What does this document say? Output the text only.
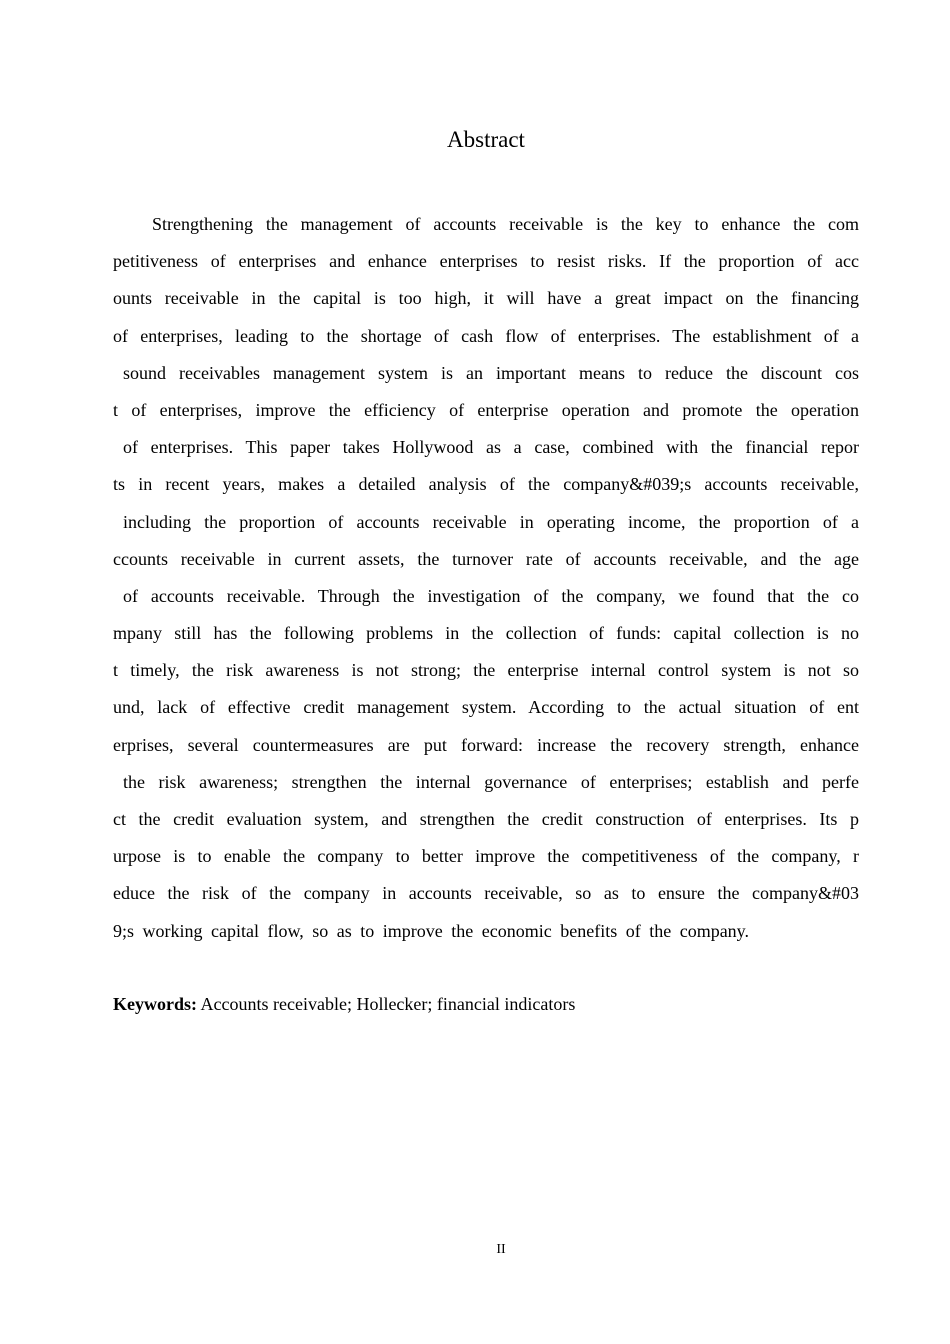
Abstract
Strengthening the management of accounts receivable is the key to enhance the com
petitiveness of enterprises and enhance enterprises to resist risks. If the proportion of acc
ounts receivable in the capital is too high, it will have a great impact on the financing
of enterprises, leading to the shortage of cash flow of enterprises. The establishment of a
sound receivables management system is an important means to reduce the discount cos
t of enterprises, improve the efficiency of enterprise operation and promote the operation
of enterprises. This paper takes Hollywood as a case, combined with the financial repor
ts in recent years, makes a detailed analysis of the company&#039;s accounts receivable,
including the proportion of accounts receivable in operating income, the proportion of a
ccounts receivable in current assets, the turnover rate of accounts receivable, and the age
of accounts receivable. Through the investigation of the company, we found that the co
mpany still has the following problems in the collection of funds: capital collection is no
t timely, the risk awareness is not strong; the enterprise internal control system is not so
und, lack of effective credit management system. According to the actual situation of ent
erprises, several countermeasures are put forward: increase the recovery strength, enhance
the risk awareness; strengthen the internal governance of enterprises; establish and perfe
ct the credit evaluation system, and strengthen the credit construction of enterprises. Its p
urpose is to enable the company to better improve the competitiveness of the company, r
educe the risk of the company in accounts receivable, so as to ensure the company&#03
9;s working capital flow, so as to improve the economic benefits of the company.
Keywords: Accounts receivable; Hollecker; financial indicators
II
